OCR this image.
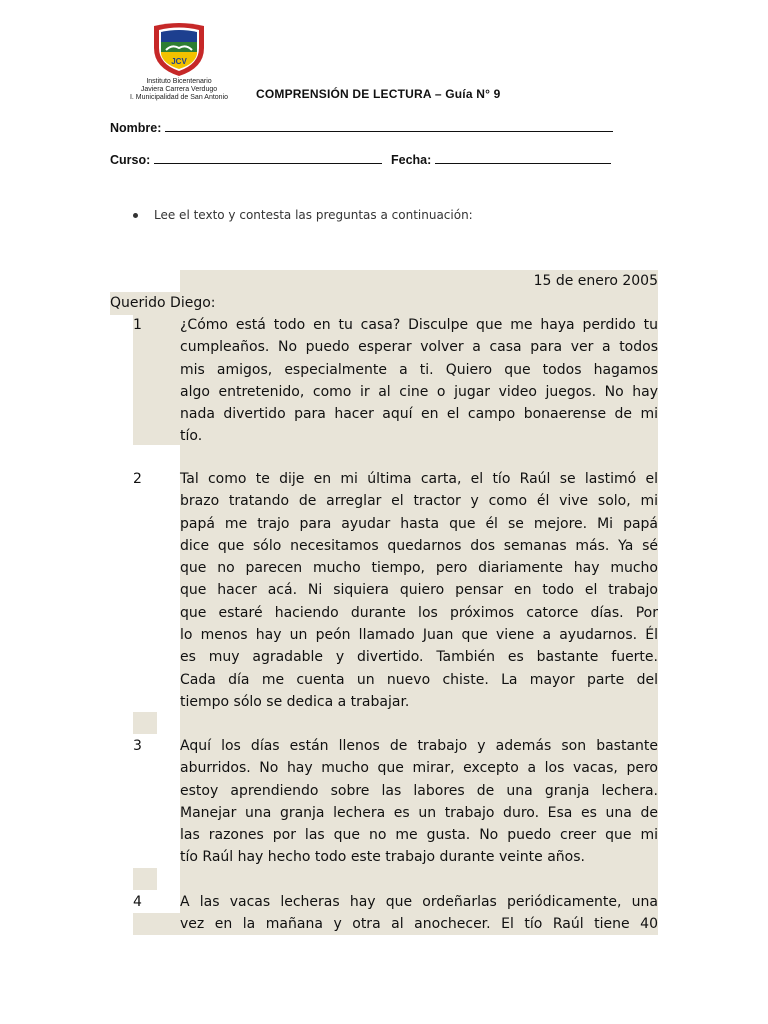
JCV
Instituto Bicentenario
Javiera Carrera Verdugo
I. Municipalidad de San Antonio	COMPRENSIÓN DE LECTURA – Guía N° 9
Nombre:
Curso:	Fecha:
Lee el texto y contesta las preguntas a continuación:
15 de enero 2005
Querido Diego:
1	¿Cómo está todo en tu casa? Disculpe que me haya perdido tu
cumpleaños. No puedo esperar volver a casa para ver a todos
mis amigos, especialmente a ti. Quiero que todos hagamos
algo entretenido, como ir al cine o jugar video juegos. No hay
nada divertido para hacer aquí en el campo bonaerense de mi
tío.
2	Tal como te dije en mi última carta, el tío Raúl se lastimó el
brazo tratando de arreglar el tractor y como él vive solo, mi
papá me trajo para ayudar hasta que él se mejore. Mi papá
dice que sólo necesitamos quedarnos dos semanas más. Ya sé
que no parecen mucho tiempo, pero diariamente hay mucho
que hacer acá. Ni siquiera quiero pensar en todo el trabajo
que estaré haciendo durante los próximos catorce días. Por
lo menos hay un peón llamado Juan que viene a ayudarnos. Él
es muy agradable y divertido. También es bastante fuerte.
Cada día me cuenta un nuevo chiste. La mayor parte del
tiempo sólo se dedica a trabajar.
3	Aquí los días están llenos de trabajo y además son bastante
aburridos. No hay mucho que mirar, excepto a los vacas, pero
estoy aprendiendo sobre las labores de una granja lechera.
Manejar una granja lechera es un trabajo duro. Esa es una de
las razones por las que no me gusta. No puedo creer que mi
tío Raúl hay hecho todo este trabajo durante veinte años.
4	A las vacas lecheras hay que ordeñarlas periódicamente, una
vez en la mañana y otra al anochecer. El tío Raúl tiene 40
